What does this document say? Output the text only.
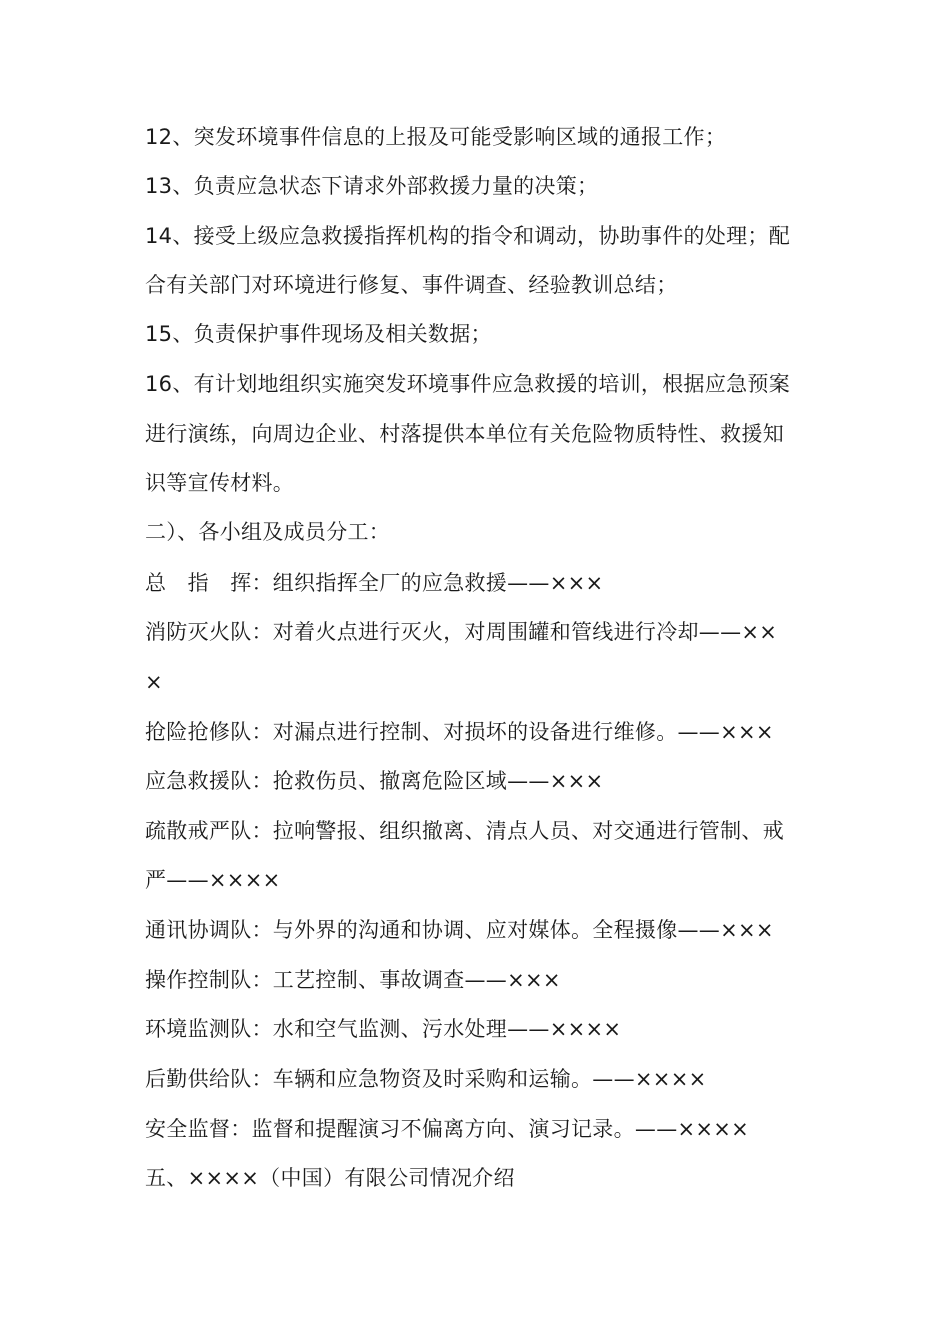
12、突发环境事件信息的上报及可能受影响区域的通报工作；
13、负责应急状态下请求外部救援力量的决策；
14、接受上级应急救援指挥机构的指令和调动，协助事件的处理；配
合有关部门对环境进行修复、事件调查、经验教训总结；
15、负责保护事件现场及相关数据；
16、有计划地组织实施突发环境事件应急救援的培训，根据应急预案
进行演练，向周边企业、村落提供本单位有关危险物质特性、救援知
识等宣传材料。
二）、各小组及成员分工：
总　指　挥：组织指挥全厂的应急救援——×××
消防灭火队：对着火点进行灭火，对周围罐和管线进行冷却——××
×
抢险抢修队：对漏点进行控制、对损坏的设备进行维修。——×××
应急救援队：抢救伤员、撤离危险区域——×××
疏散戒严队：拉响警报、组织撤离、清点人员、对交通进行管制、戒
严——××××
通讯协调队：与外界的沟通和协调、应对媒体。全程摄像——×××
操作控制队：工艺控制、事故调查——×××
环境监测队：水和空气监测、污水处理——××××
后勤供给队：车辆和应急物资及时采购和运输。——××××
安全监督：监督和提醒演习不偏离方向、演习记录。——××××
五、××××（中国）有限公司情况介绍
